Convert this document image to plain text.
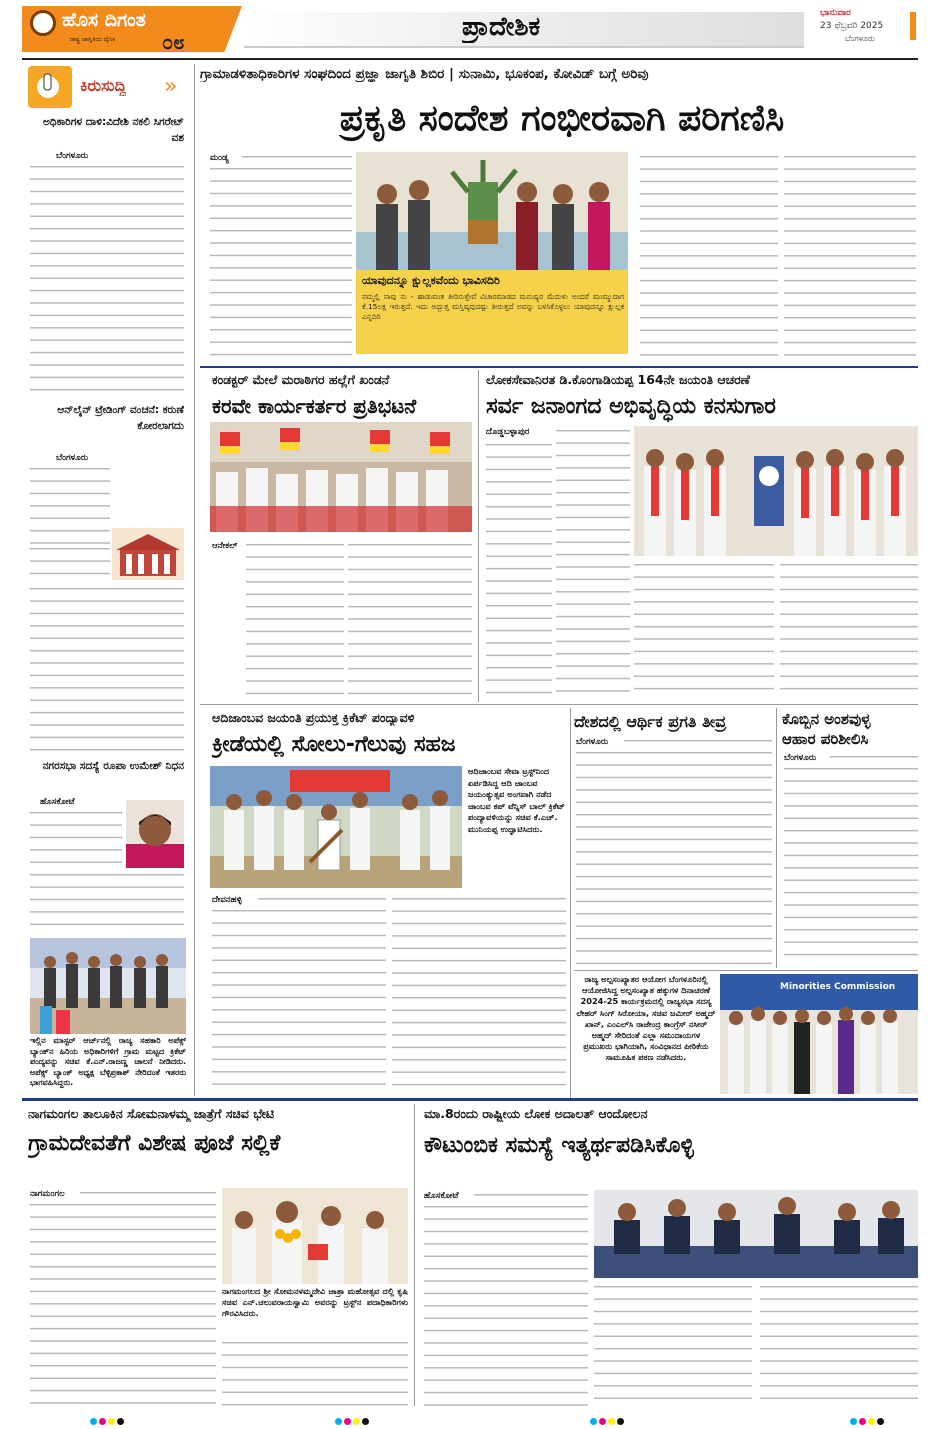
ಹೊಸ ದಿಗಂತ
ರಾಷ್ಟ್ರ ಜಾಗೃತಿಯ ದೈನಿಕ ೦೮	ಪ್ರಾದೇಶಿಕ	ಭಾನುವಾರ
23 ಫೆಬ್ರವರಿ 2025
ಬೆಂಗಳೂರು
ಕಿರುಸುದ್ದಿ »
ಅಧಿಕಾರಿಗಳ ದಾಳಿ:ವಿದೇಶಿ ನಕಲಿ ಸಿಗರೇಟ್ ವಶ
ಬೆಂಗಳೂರು
ಆನ್‌ಲೈನ್ ಟ್ರೇಡಿಂಗ್ ವಂಚನೆ: ಕರುಣೆ ಕೋರಲಾಗದು
ಬೆಂಗಳೂರು
ನಗರಸಭಾ ಸದಸ್ಯೆ ರೂಪಾ ಉಮೇಶ್ ನಿಧನ
ಹೊಸಕೋಟೆ
ಇಲ್ಲಿನ ಮಾಸ್ಟರ್ ಆರ್ಚ್‌ನಲ್ಲಿ ರಾಜ್ಯ ಸಹಕಾರಿ ಅಪೆಕ್ಸ್ ಬ್ಯಾಂಕ್‌ನ ಹಿರಿಯ ಅಧಿಕಾರಿಗಳಿಗೆ ಗ್ರಾಮ ಮಟ್ಟದ ಕ್ರಿಕೆಟ್ ಪಂದ್ಯವನ್ನು ಸಚಿವ ಕೆ.ಎನ್.ರಾಜಣ್ಣ ಚಾಲನೆ ನೀಡಿದರು. ಅಪೆಕ್ಸ್ ಬ್ಯಾಂಕ್ ಅಧ್ಯಕ್ಷ ಬೆಳ್ಳಿಪ್ರಕಾಶ್ ನೇರಿದಂತೆ ಇತರರು ಭಾಗವಹಿಸಿದ್ದರು.
ಗ್ರಾಮಾಡಳಿತಾಧಿಕಾರಿಗಳ ಸಂಘದಿಂದ ಪ್ರಜ್ಞಾ ಜಾಗೃತಿ ಶಿಬಿರ | ಸುನಾಮಿ, ಭೂಕಂಪ, ಕೋವಿಡ್ ಬಗ್ಗೆ ಅರಿವು
ಪ್ರಕೃತಿ ಸಂದೇಶ ಗಂಭೀರವಾಗಿ ಪರಿಗಣಿಸಿ
ಮಂಡ್ಯ
ಯಾವುದನ್ನೂ ಕ್ಷುಲ್ಲಕವೆಂದು ಭಾವಿಸದಿರಿ
ನಮ್ಮಲ್ಲಿ ನಾವು ನು - ಹಾಡುವಂತ ತೀರಿಸುತ್ತೇವೆ ವಿಚಾರಮಾಡದ ಮನುಷ್ಯರ ಮೆದುಳು ಅಂದರೆ ಮುಮ್ಮುದಾಗ ಕೆ.15ಲಕ್ಷ ಇರುತ್ತದೆ. ಇದು ಅದ್ಭುತ್ತ ಮಸ್ತಿಷ್ಕವುದಷ್ಟು ತೀರುತ್ತದೆ ಅವನ್ನು ಬಳಸಿಕೊಳ್ಳಲು ಯಾವುದನ್ನೂ ಕ್ಷುಲ್ಲಕ ಎನ್ನದಿರಿ
ಕಂಡಕ್ಟರ್ ಮೇಲೆ ಮರಾಠಿಗರ ಹಲ್ಲೆಗೆ ಖಂಡನೆ
ಕರವೇ ಕಾರ್ಯಕರ್ತರ ಪ್ರತಿಭಟನೆ
ಆನೇಕಲ್
ಲೋಕಸೇವಾನಿರತ ಡಿ.ಕೊಂಗಾಡಿಯಪ್ಪ 164ನೇ ಜಯಂತಿ ಆಚರಣೆ
ಸರ್ವ ಜನಾಂಗದ ಅಭಿವೃದ್ಧಿಯ ಕನಸುಗಾರ
ದೊಡ್ಡಬಳ್ಳಾಪುರ
ಆದಿಜಾಂಬವ ಜಯಂತಿ ಪ್ರಯುಕ್ತ ಕ್ರಿಕೆಟ್ ಪಂದ್ಯಾವಳಿ
ಕ್ರೀಡೆಯಲ್ಲಿ ಸೋಲು-ಗೆಲುವು ಸಹಜ
ಆದಿಜಾಂಬವ ಸೇವಾ ಟ್ರಸ್ಟ್‌ನಿಂದ ಏರ್ಪಡಿಸಿದ್ದ ಆದಿ ಜಾಂಬವ ಜಯಂತ್ಯುತ್ಸವ ಅಂಗವಾಗಿ ನಡೆದ ಜಾಂಬವ ಕಪ್ ಟೆನ್ನಿಸ್ ಬಾಲ್ ಕ್ರಿಕೆಟ್ ಪಂದ್ಯಾವಳಿಯನ್ನು ಸಚಿವ ಕೆ.ಎಚ್. ಮುನಿಯಪ್ಪ ಉದ್ಘಾಟಿಸಿದರು.
ದೇವನಹಳ್ಳಿ
ದೇಶದಲ್ಲಿ ಆರ್ಥಿಕ ಪ್ರಗತಿ ತೀವ್ರ
ಬೆಂಗಳೂರು
ಕೊಬ್ಬಿನ ಅಂಶವುಳ್ಳ
ಆಹಾರ ಪರಿಶೀಲಿಸಿ
ಬೆಂಗಳೂರು
ರಾಜ್ಯ ಅಲ್ಪಸಂಖ್ಯಾತರ ಆಯೋಗ ಬೆಂಗಳೂರಿನಲ್ಲಿ ಆಯೋಜಿಸಿದ್ದ ಅಲ್ಪಸಂಖ್ಯಾತ ಹಕ್ಕುಗಳ ದಿನಾಚರಣೆ 2024-25 ಕಾರ್ಯಕ್ರಮದಲ್ಲಿ ರಾಜ್ಯಸಭಾ ಸದಸ್ಯ ಲೇಹರ್ ಸಿಂಗ್ ಸಿರೋಯಾ, ಸಚಿವ ಜಮೀರ್ ಅಹ್ಮದ್ ಖಾನ್, ಎಂಎಲ್‌ಸಿ ರಾಜೇಂದ್ರ ಕಾಂಗ್ರೆಸ್ ನಸೀರ್ ಅಹ್ಮದ್ ಸೇರಿದಂತೆ ಎಲ್ಲಾ ಸಮುದಾಯಗಳ ಪ್ರಮುಖರು ಭಾಗಿಯಾಗಿ, ಸಂವಿಧಾನದ ಪೀಠಿಕೆಯ ಸಾಮೂಹಿಕ ಪಠಣ ನಡೆಸಿದರು.
Minorities Commission
ನಾಗಮಂಗಲ ತಾಲೂಕಿನ ಸೋಮನಾಳಮ್ಮ ಜಾತ್ರೆಗೆ ಸಚಿವ ಭೇಟಿ
ಗ್ರಾಮದೇವತೆಗೆ ವಿಶೇಷ ಪೂಜೆ ಸಲ್ಲಿಕೆ
ನಾಗಮಂಗಲ
ನಾಗಮಂಗಲದ ಶ್ರೀ ಸೋಮನಳಮ್ಮದೇವಿ ಜಾತ್ರಾ ಮಹೋತ್ಸವ ದಲ್ಲಿ ಕೃಷಿ ಸಚಿವ ಎನ್.ಚಲುವರಾಯಸ್ವಾಮಿ ಅವರನ್ನು ಟ್ರಸ್ಟ್‌ನ ಪದಾಧಿಕಾರಿಗಳು ಗೌರವಿಸಿದರು.
ಮಾ.8ರಂದು ರಾಷ್ಟ್ರೀಯ ಲೋಕ ಅದಾಲತ್ ಆಂದೋಲನ
ಕೌಟುಂಬಿಕ ಸಮಸ್ಯೆ ಇತ್ಯರ್ಥಪಡಿಸಿಕೊಳ್ಳಿ
ಹೊಸಕೋಟೆ
